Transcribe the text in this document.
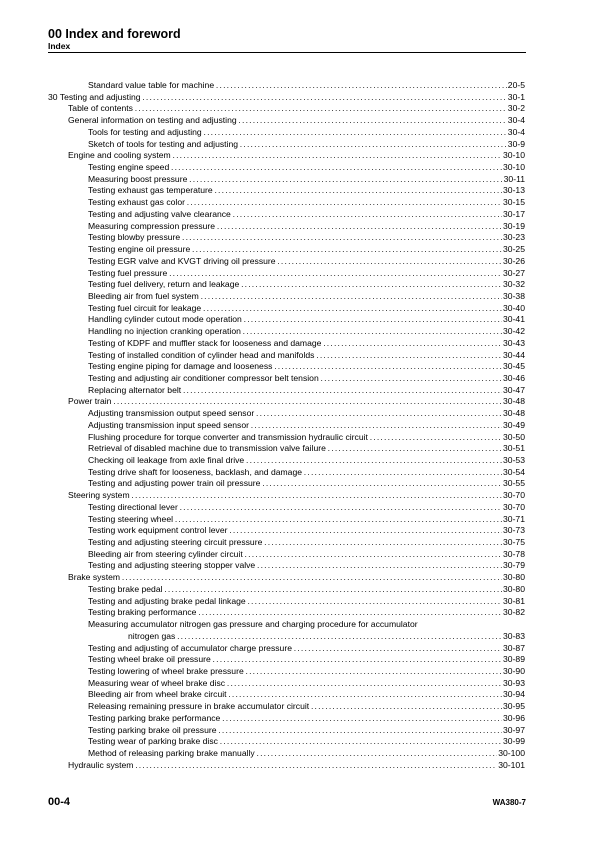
00 Index and foreword
Index
Standard value table for machine . . .	20-5
30 Testing and adjusting . . .	30-1
Table of contents . . .	30-2
General information on testing and adjusting . . .	30-4
Tools for testing and adjusting . . .	30-4
Sketch of tools for testing and adjusting . . .	30-9
Engine and cooling system . . .	30-10
Testing engine speed . . .	30-10
Measuring boost pressure . . .	30-11
Testing exhaust gas temperature . . .	30-13
Testing exhaust gas color . . .	30-15
Testing and adjusting valve clearance . . .	30-17
Measuring compression pressure . . .	30-19
Testing blowby pressure . . .	30-23
Testing engine oil pressure . . .	30-25
Testing EGR valve and KVGT driving oil pressure . . .	30-26
Testing fuel pressure . . .	30-27
Testing fuel delivery, return and leakage . . .	30-32
Bleeding air from fuel system . . .	30-38
Testing fuel circuit for leakage . . .	30-40
Handling cylinder cutout mode operation . . .	30-41
Handling no injection cranking operation . . .	30-42
Testing of KDPF and muffler stack for looseness and damage . . .	30-43
Testing of installed condition of cylinder head and manifolds . . .	30-44
Testing engine piping for damage and looseness . . .	30-45
Testing and adjusting air conditioner compressor belt tension . . .	30-46
Replacing alternator belt . . .	30-47
Power train . . .	30-48
Adjusting transmission output speed sensor . . .	30-48
Adjusting transmission input speed sensor . . .	30-49
Flushing procedure for torque converter and transmission hydraulic circuit . . .	30-50
Retrieval of disabled machine due to transmission valve failure . . .	30-51
Checking oil leakage from axle final drive . . .	30-53
Testing drive shaft for looseness, backlash, and damage . . .	30-54
Testing and adjusting power train oil pressure . . .	30-55
Steering system . . .	30-70
Testing directional lever . . .	30-70
Testing steering wheel . . .	30-71
Testing work equipment control lever . . .	30-73
Testing and adjusting steering circuit pressure . . .	30-75
Bleeding air from steering cylinder circuit . . .	30-78
Testing and adjusting steering stopper valve . . .	30-79
Brake system . . .	30-80
Testing brake pedal . . .	30-80
Testing and adjusting brake pedal linkage . . .	30-81
Testing braking performance . . .	30-82
Measuring accumulator nitrogen gas pressure and charging procedure for accumulator
nitrogen gas . . .	30-83
Testing and adjusting of accumulator charge pressure . . .	30-87
Testing wheel brake oil pressure . . .	30-89
Testing lowering of wheel brake pressure . . .	30-90
Measuring wear of wheel brake disc . . .	30-93
Bleeding air from wheel brake circuit . . .	30-94
Releasing remaining pressure in brake accumulator circuit . . .	30-95
Testing parking brake performance . . .	30-96
Testing parking brake oil pressure . . .	30-97
Testing wear of parking brake disc . . .	30-99
Method of releasing parking brake manually . . .	30-100
Hydraulic system . . .	30-101
00-4	WA380-7
